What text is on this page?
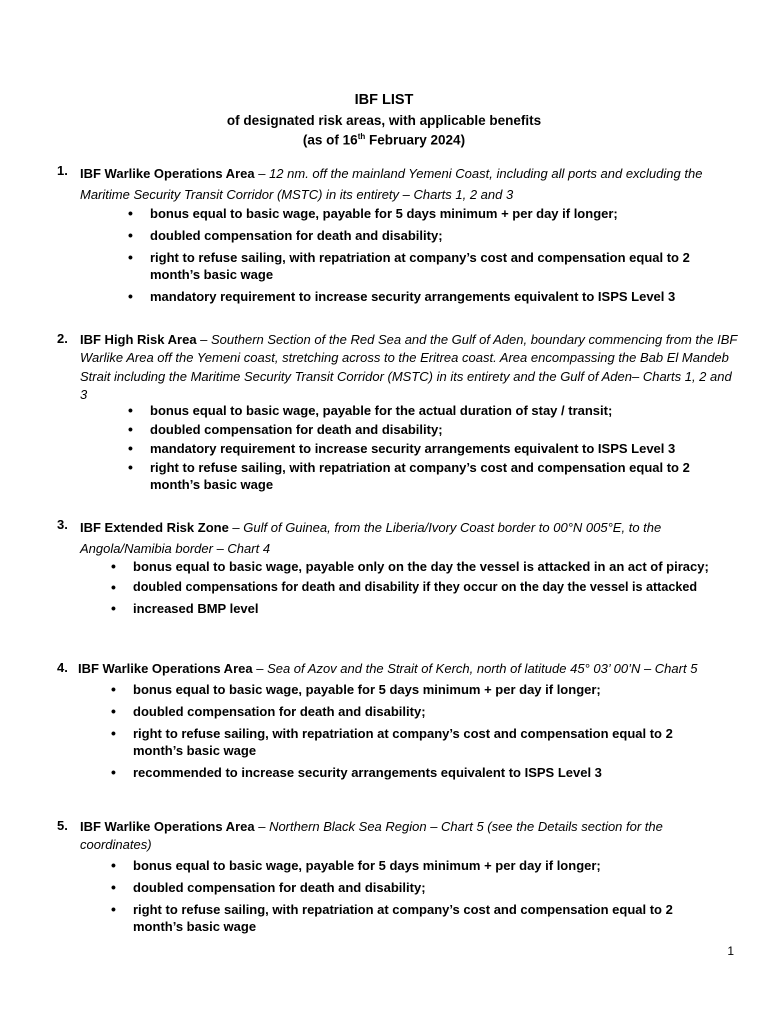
IBF LIST
of designated risk areas, with applicable benefits
(as of 16th February 2024)
1. IBF Warlike Operations Area – 12 nm. off the mainland Yemeni Coast, including all ports and excluding the Maritime Security Transit Corridor (MSTC) in its entirety – Charts 1, 2 and 3
• bonus equal to basic wage, payable for 5 days minimum + per day if longer;
• doubled compensation for death and disability;
• right to refuse sailing, with repatriation at company’s cost and compensation equal to 2 month’s basic wage
• mandatory requirement to increase security arrangements equivalent to ISPS Level 3
2. IBF High Risk Area – Southern Section of the Red Sea and the Gulf of Aden, boundary commencing from the IBF Warlike Area off the Yemeni coast, stretching across to the Eritrea coast. Area encompassing the Bab El Mandeb Strait including the Maritime Security Transit Corridor (MSTC) in its entirety and the Gulf of Aden– Charts 1, 2 and 3
• bonus equal to basic wage, payable for the actual duration of stay / transit;
• doubled compensation for death and disability;
• mandatory requirement to increase security arrangements equivalent to ISPS Level 3
• right to refuse sailing, with repatriation at company’s cost and compensation equal to 2 month’s basic wage
3. IBF Extended Risk Zone – Gulf of Guinea, from the Liberia/Ivory Coast border to 00°N 005°E, to the Angola/Namibia border – Chart 4
• bonus equal to basic wage, payable only on the day the vessel is attacked in an act of piracy;
• doubled compensations for death and disability if they occur on the day the vessel is attacked
• increased BMP level
4. IBF Warlike Operations Area – Sea of Azov and the Strait of Kerch, north of latitude 45° 03’ 00’N – Chart 5
• bonus equal to basic wage, payable for 5 days minimum + per day if longer;
• doubled compensation for death and disability;
• right to refuse sailing, with repatriation at company’s cost and compensation equal to 2 month’s basic wage
• recommended to increase security arrangements equivalent to ISPS Level 3
5. IBF Warlike Operations Area – Northern Black Sea Region – Chart 5 (see the Details section for the coordinates)
• bonus equal to basic wage, payable for 5 days minimum + per day if longer;
• doubled compensation for death and disability;
• right to refuse sailing, with repatriation at company’s cost and compensation equal to 2 month’s basic wage
1
